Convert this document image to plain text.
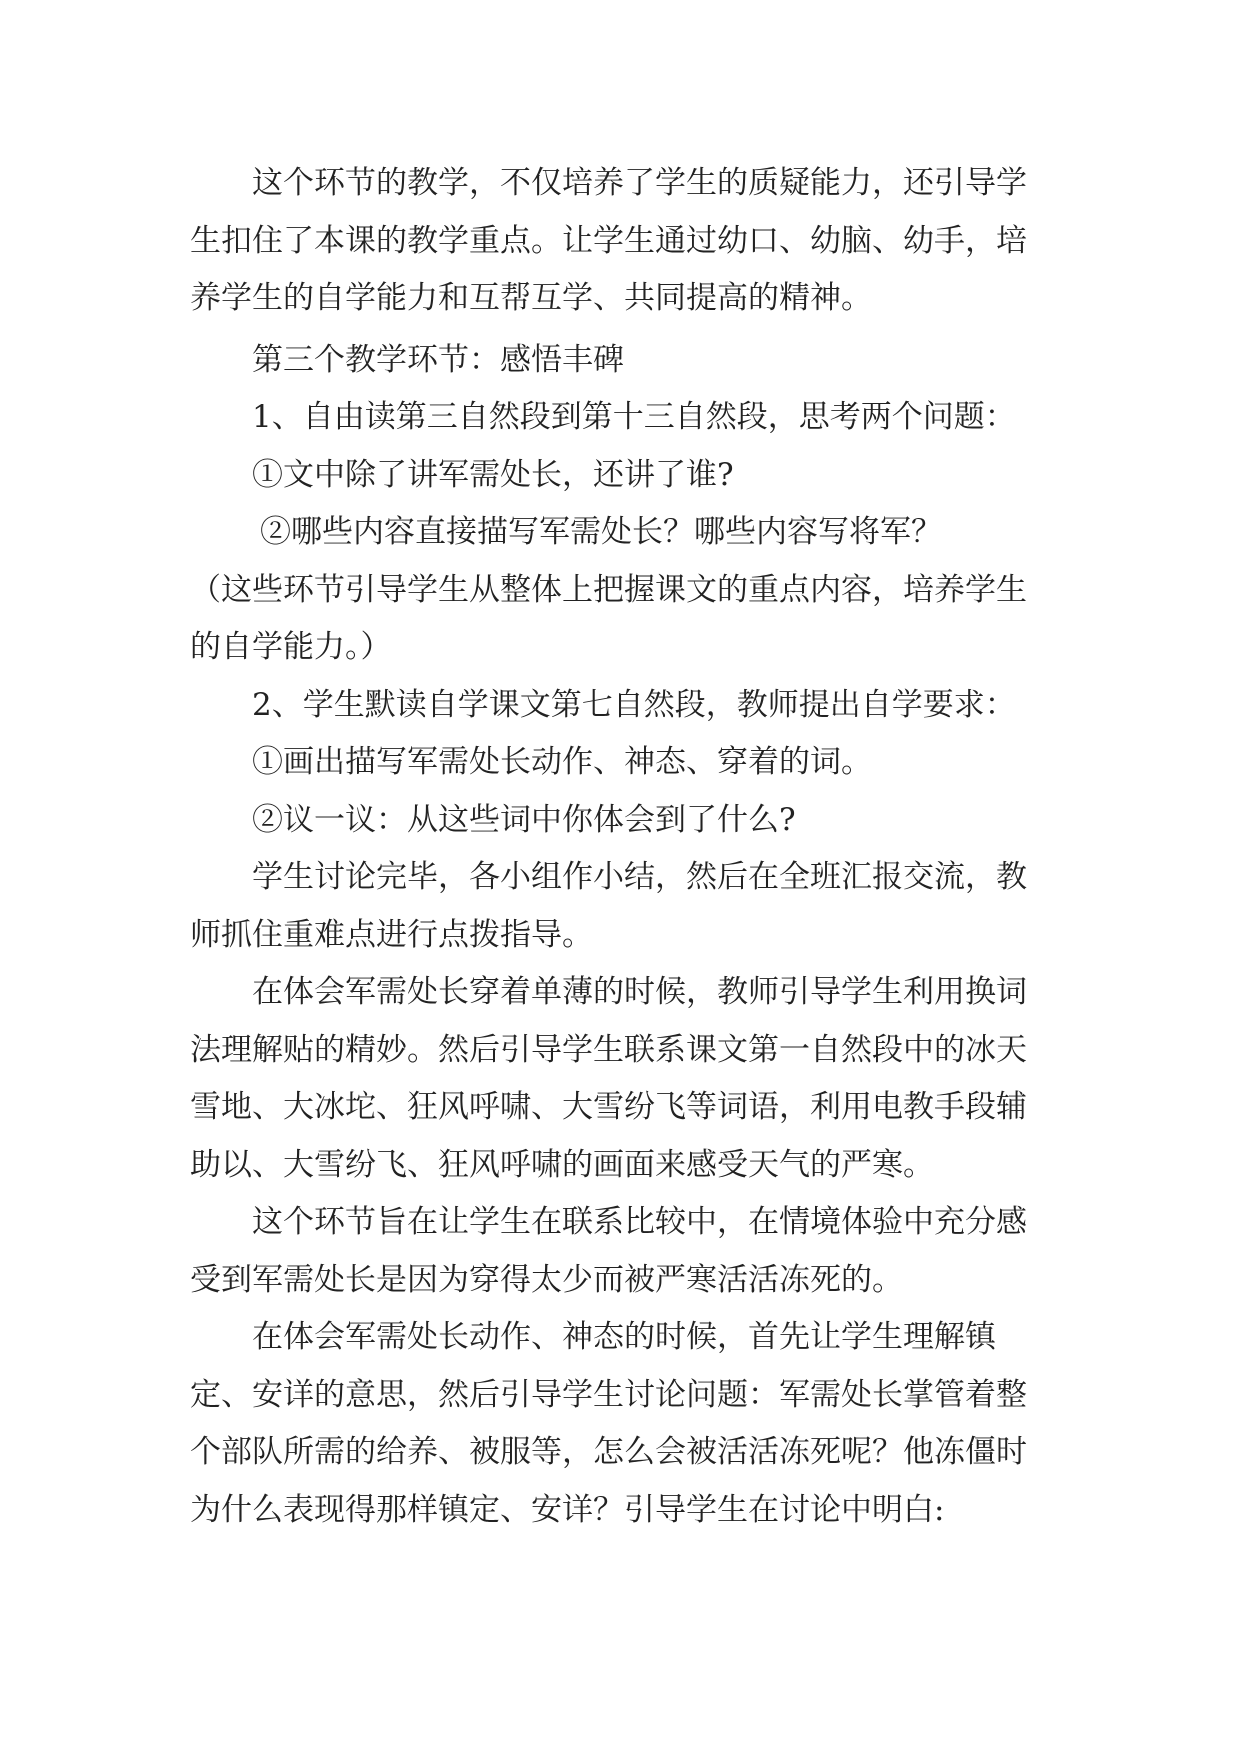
这个环节的教学，不仅培养了学生的质疑能力，还引导学生扣住了本课的教学重点。让学生通过幼口、幼脑、幼手，培养学生的自学能力和互帮互学、共同提高的精神。

第三个教学环节：感悟丰碑

1、自由读第三自然段到第十三自然段，思考两个问题：

①文中除了讲军需处长，还讲了谁?

②哪些内容直接描写军需处长？哪些内容写将军？

（这些环节引导学生从整体上把握课文的重点内容，培养学生的自学能力。）

2、学生默读自学课文第七自然段，教师提出自学要求：

①画出描写军需处长动作、神态、穿着的词。

②议一议：从这些词中你体会到了什么?

学生讨论完毕，各小组作小结，然后在全班汇报交流，教师抓住重难点进行点拨指导。

在体会军需处长穿着单薄的时候，教师引导学生利用换词法理解贴的精妙。然后引导学生联系课文第一自然段中的冰天雪地、大冰坨、狂风呼啸、大雪纷飞等词语，利用电教手段辅助以、大雪纷飞、狂风呼啸的画面来感受天气的严寒。

这个环节旨在让学生在联系比较中，在情境体验中充分感受到军需处长是因为穿得太少而被严寒活活冻死的。

在体会军需处长动作、神态的时候，首先让学生理解镇定、安详的意思，然后引导学生讨论问题：军需处长掌管着整个部队所需的给养、被服等，怎么会被活活冻死呢？他冻僵时为什么表现得那样镇定、安详？引导学生在讨论中明白:
